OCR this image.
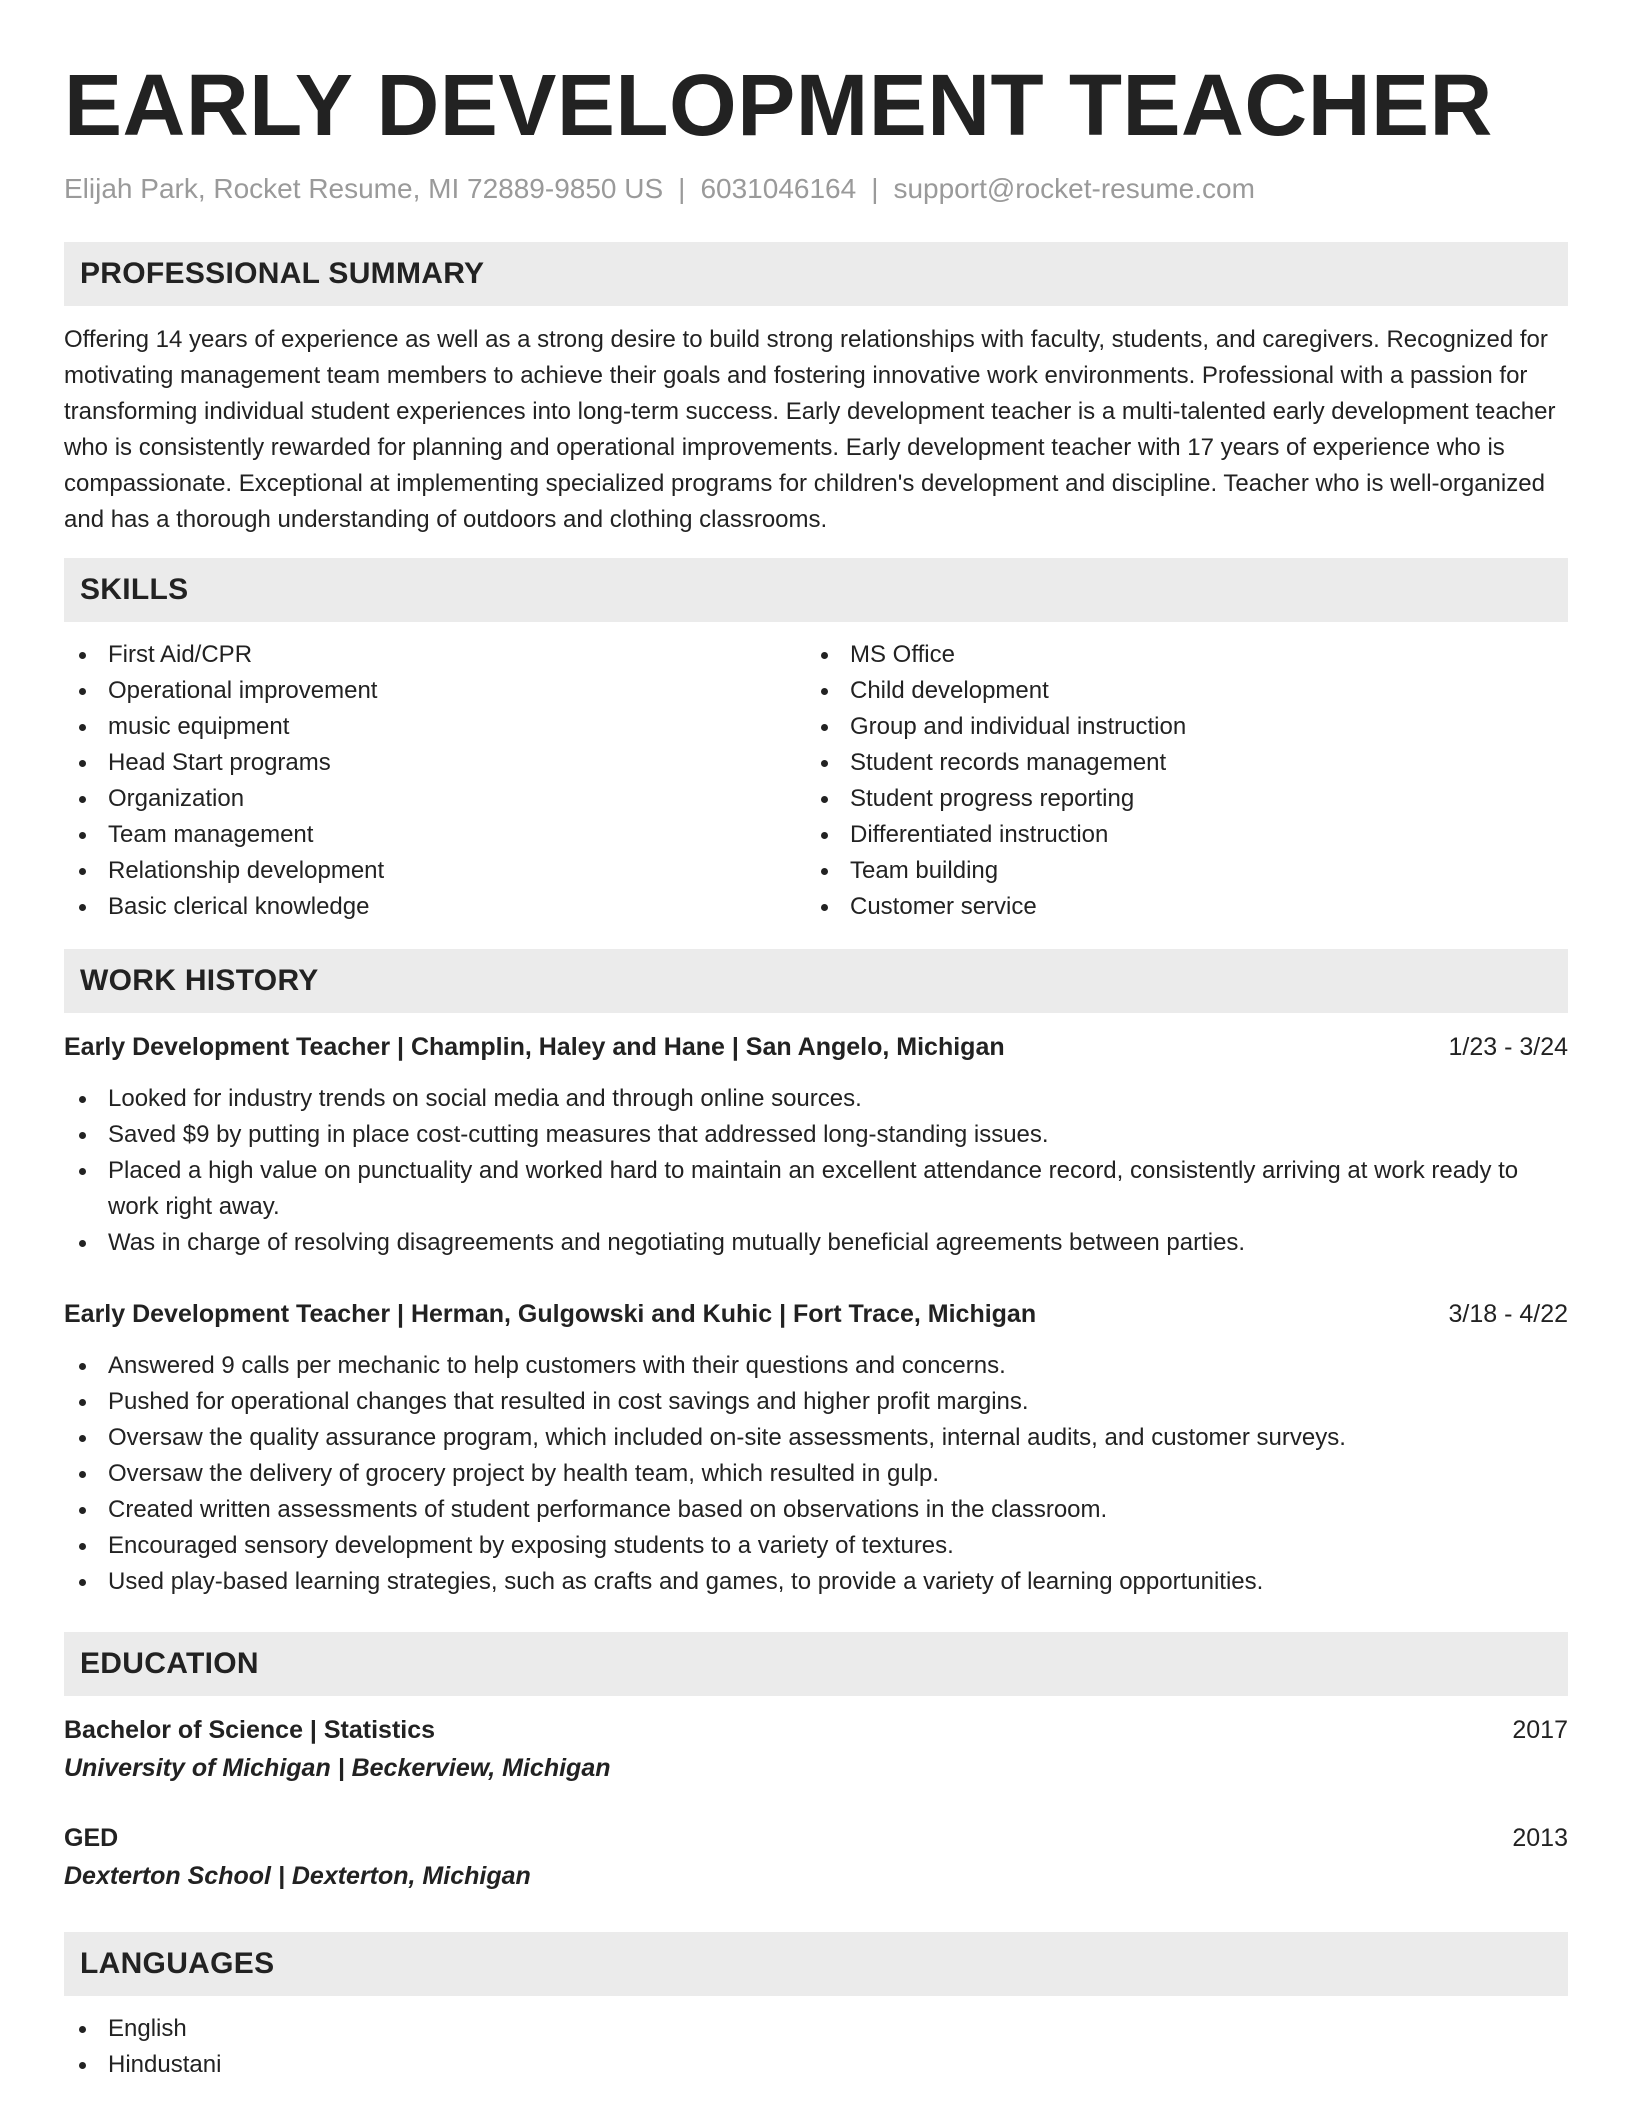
EARLY DEVELOPMENT TEACHER
Elijah Park, Rocket Resume, MI 72889-9850 US | 6031046164 | support@rocket-resume.com
PROFESSIONAL SUMMARY

Offering 14 years of experience as well as a strong desire to build strong relationships with faculty, students, and caregivers. Recognized for motivating management team members to achieve their goals and fostering innovative work environments. Professional with a passion for transforming individual student experiences into long-term success. Early development teacher is a multi-talented early development teacher who is consistently rewarded for planning and operational improvements. Early development teacher with 17 years of experience who is compassionate. Exceptional at implementing specialized programs for children's development and discipline. Teacher who is well-organized and has a thorough understanding of outdoors and clothing classrooms.

SKILLS
First Aid/CPR
Operational improvement
music equipment
Head Start programs
Organization
Team management
Relationship development
Basic clerical knowledge
MS Office
Child development
Group and individual instruction
Student records management
Student progress reporting
Differentiated instruction
Team building
Customer service
WORK HISTORY
Early Development Teacher | Champlin, Haley and Hane | San Angelo, Michigan	1/23 - 3/24
Looked for industry trends on social media and through online sources.
Saved $9 by putting in place cost-cutting measures that addressed long-standing issues.
Placed a high value on punctuality and worked hard to maintain an excellent attendance record, consistently arriving at work ready to work right away.
Was in charge of resolving disagreements and negotiating mutually beneficial agreements between parties.
Early Development Teacher | Herman, Gulgowski and Kuhic | Fort Trace, Michigan	3/18 - 4/22
Answered 9 calls per mechanic to help customers with their questions and concerns.
Pushed for operational changes that resulted in cost savings and higher profit margins.
Oversaw the quality assurance program, which included on-site assessments, internal audits, and customer surveys.
Oversaw the delivery of grocery project by health team, which resulted in gulp.
Created written assessments of student performance based on observations in the classroom.
Encouraged sensory development by exposing students to a variety of textures.
Used play-based learning strategies, such as crafts and games, to provide a variety of learning opportunities.
EDUCATION
Bachelor of Science | Statistics	2017
University of Michigan | Beckerview, Michigan
GED	2013
Dexterton School | Dexterton, Michigan
LANGUAGES
English
Hindustani
